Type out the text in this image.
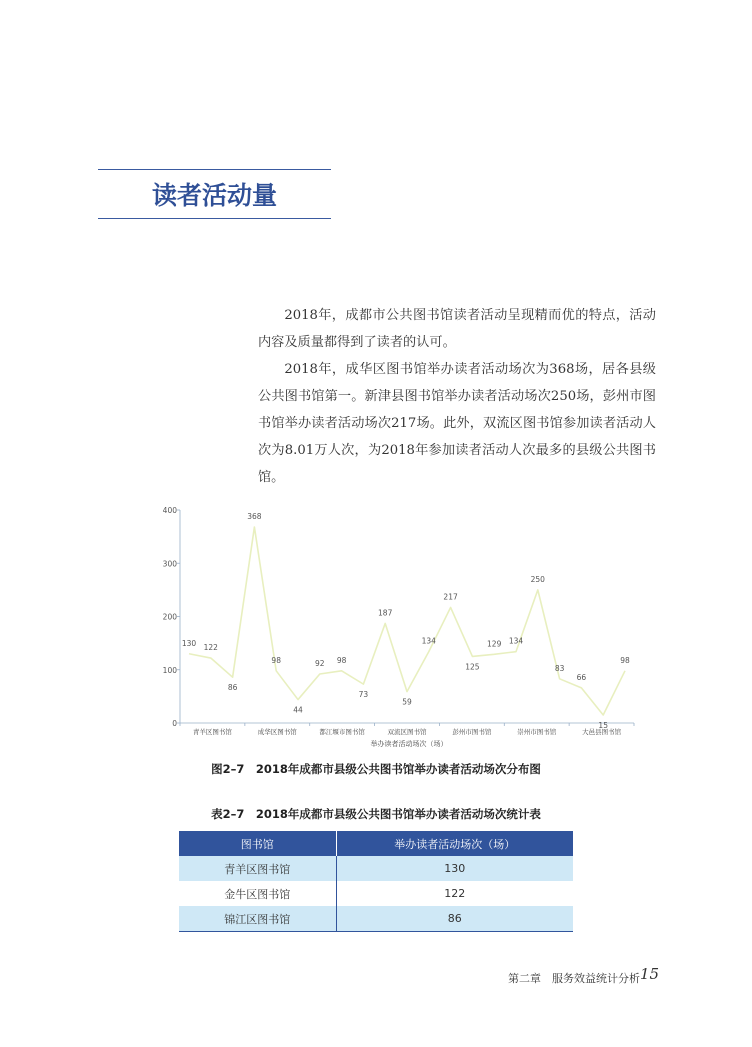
读者活动量

2018年，成都市公共图书馆读者活动呈现精而优的特点，活动内容及质量都得到了读者的认可。

2018年，成华区图书馆举办读者活动场次为368场，居各县级公共图书馆第一。新津县图书馆举办读者活动场次250场，彭州市图书馆举办读者活动场次217场。此外，双流区图书馆参加读者活动人次为8.01万人次，为2018年参加读者活动人次最多的县级公共图书馆。

0
100
200
300
400
青羊区图书馆	成华区图书馆	都江堰市图书馆	双流区图书馆	彭州市图书馆	崇州市图书馆	大邑县图书馆
举办读者活动场次（场）
130 122
86
368
98
44
92 98
73
187
59
134
217
125
129 134
250
83
66
15
98
图2–7　2018年成都市县级公共图书馆举办读者活动场次分布图
表2–7　2018年成都市县级公共图书馆举办读者活动场次统计表
图书馆	举办读者活动场次（场）
青羊区图书馆	130
金牛区图书馆	122
锦江区图书馆	86
第二章　服务效益统计分析 15
